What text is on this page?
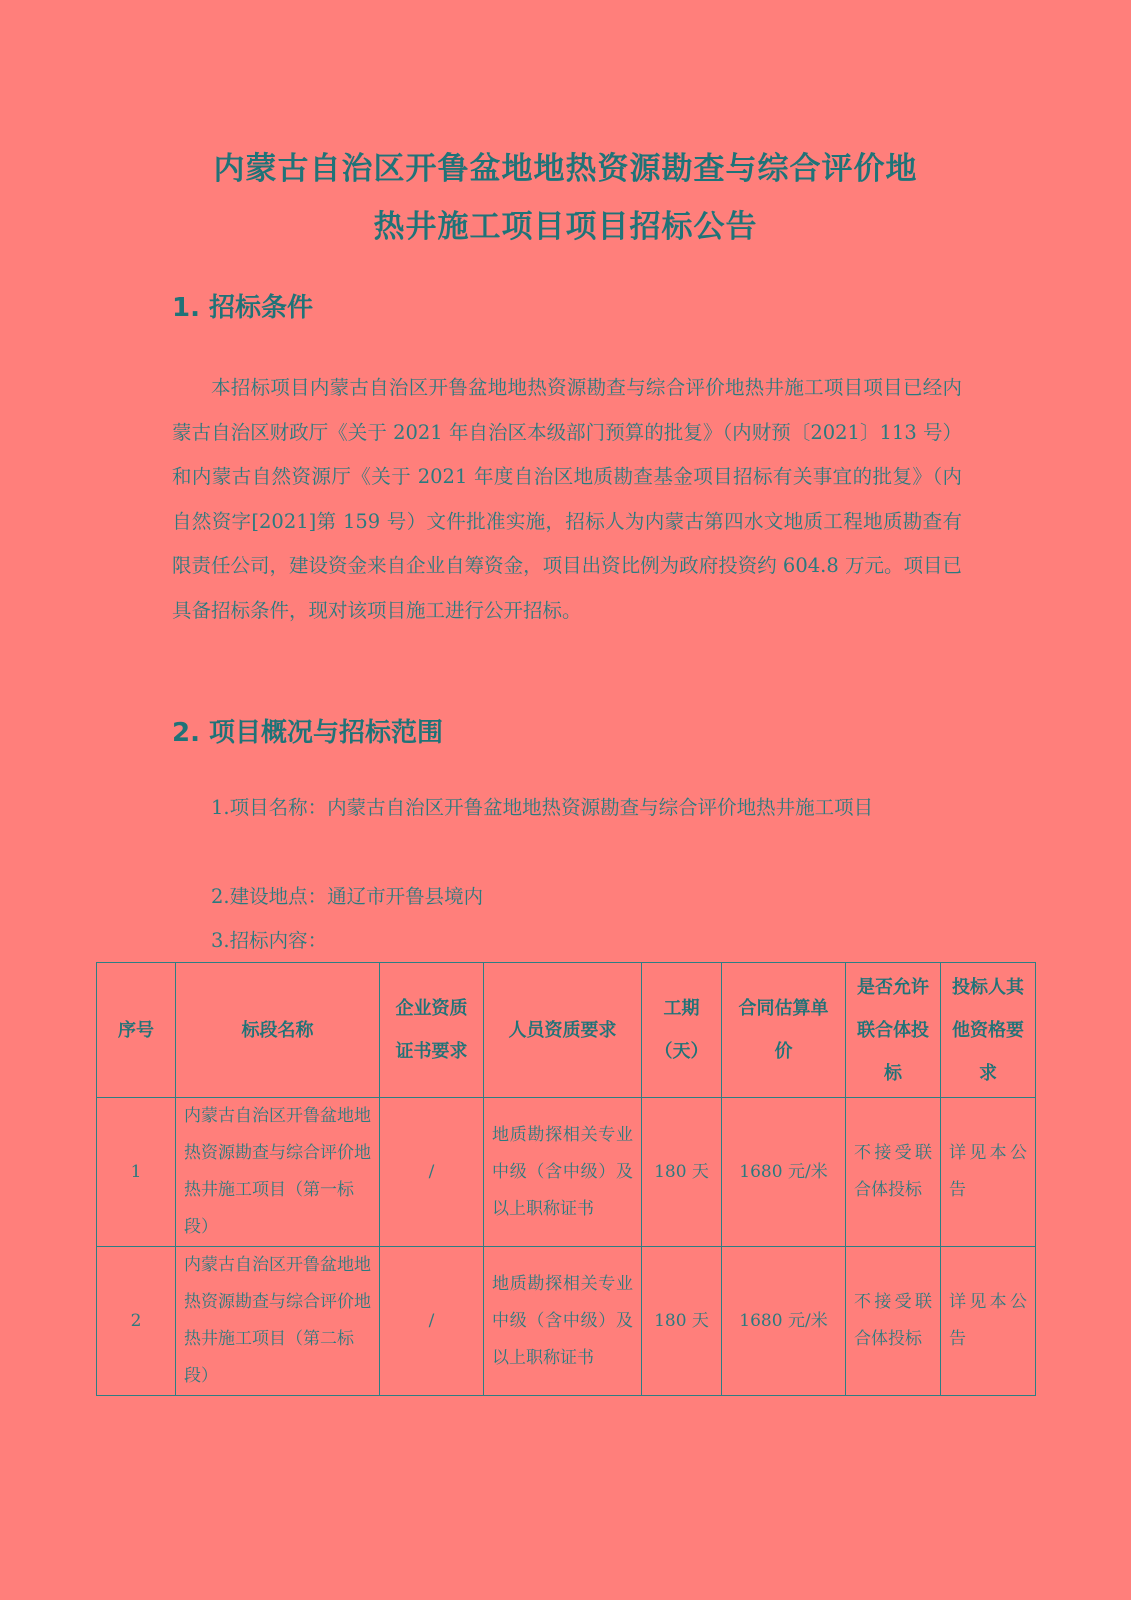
内蒙古自治区开鲁盆地地热资源勘查与综合评价地
热井施工项目项目招标公告
1. 招标条件

本招标项目内蒙古自治区开鲁盆地地热资源勘查与综合评价地热井施工项目项目已经内蒙古自治区财政厅《关于 2021 年自治区本级部门预算的批复》（内财预〔2021〕113 号）和内蒙古自然资源厅《关于 2021 年度自治区地质勘查基金项目招标有关事宜的批复》（内自然资字[2021]第 159 号）文件批准实施，招标人为内蒙古第四水文地质工程地质勘查有限责任公司，建设资金来自企业自筹资金，项目出资比例为政府投资约 604.8 万元。项目已具备招标条件，现对该项目施工进行公开招标。

2. 项目概况与招标范围

1.项目名称：内蒙古自治区开鲁盆地地热资源勘查与综合评价地热井施工项目

2.建设地点：通辽市开鲁县境内

3.招标内容：

序号	标段名称	企业资质证书要求	人员资质要求	工期（天）	合同估算单价	是否允许联合体投标	投标人其他资格要求
1	内蒙古自治区开鲁盆地地热资源勘查与综合评价地热井施工项目（第一标段）	/	地质勘探相关专业中级（含中级）及以上职称证书	180 天	1680 元/米	不接受联合体投标	详见本公告
2	内蒙古自治区开鲁盆地地热资源勘查与综合评价地热井施工项目（第二标段）	/	地质勘探相关专业中级（含中级）及以上职称证书	180 天	1680 元/米	不接受联合体投标	详见本公告
